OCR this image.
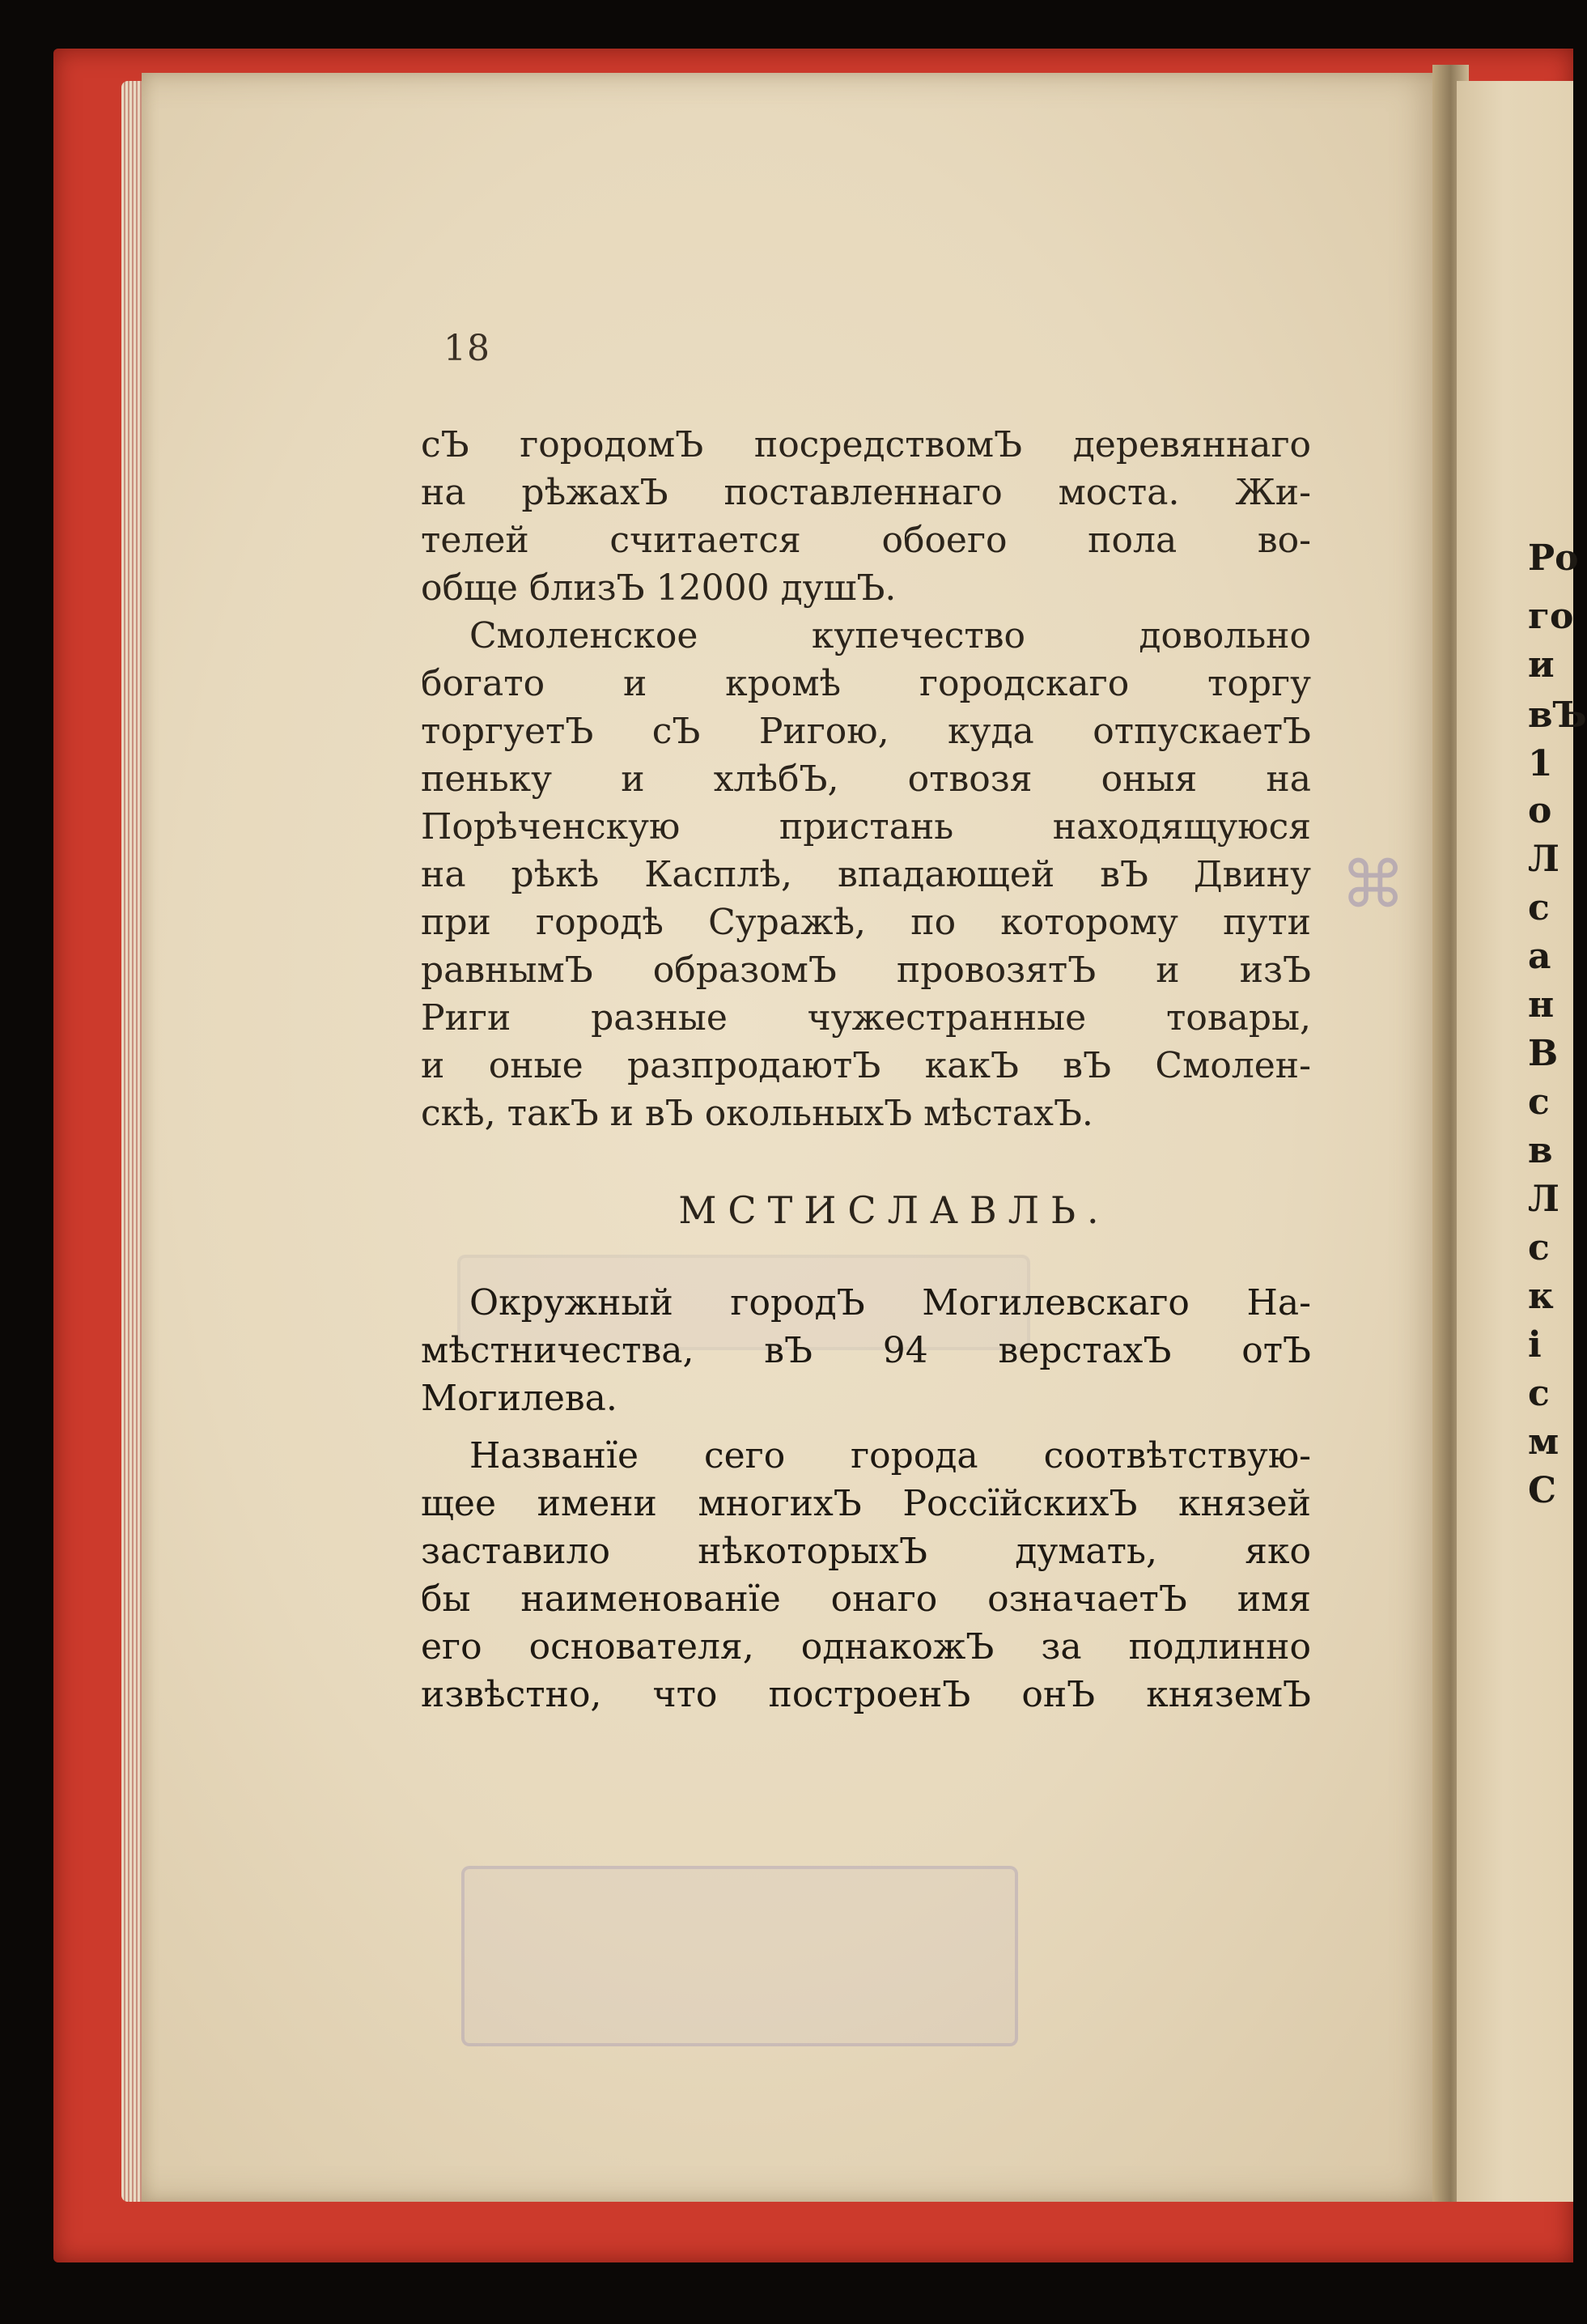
Ро
го
и
вЪ
1
о
Л
с
а
н
В
с
в
Л
с
к
і
с
м
С
⌘
18
сЪ городомЪ посредствомЪ деревяннаго
на рѣжахЪ поставленнаго моста. Жи-
телей считается обоего пола во-
обще близЪ 12000 душЪ.
Смоленское купечество довольно
богато и кромѣ городскаго торгу
торгуетЪ сЪ Ригою, куда отпускаетЪ
пеньку и хлѣбЪ, отвозя оныя на
Порѣченскую пристань находящуюся
на рѣкѣ Касплѣ, впадающей вЪ Двину
при городѣ Суражѣ, по которому пути
равнымЪ образомЪ провозятЪ и изЪ
Риги разные чужестранные товары,
и оные разпродаютЪ какЪ вЪ Смолен-
скѣ, такЪ и вЪ окольныхЪ мѣстахЪ.
МСТИСЛАВЛЬ.
Окружный городЪ Могилевскаго На-
мѣстничества, вЪ 94 верстахЪ отЪ
Могилева.
Названїе сего города соотвѣтствую-
щее имени многихЪ РоссїйскихЪ князей
заставило нѣкоторыхЪ думать, яко
бы наименованїе онаго означаетЪ имя
его основателя, однакожЪ за подлинно
извѣстно, что построенЪ онЪ княземЪ
